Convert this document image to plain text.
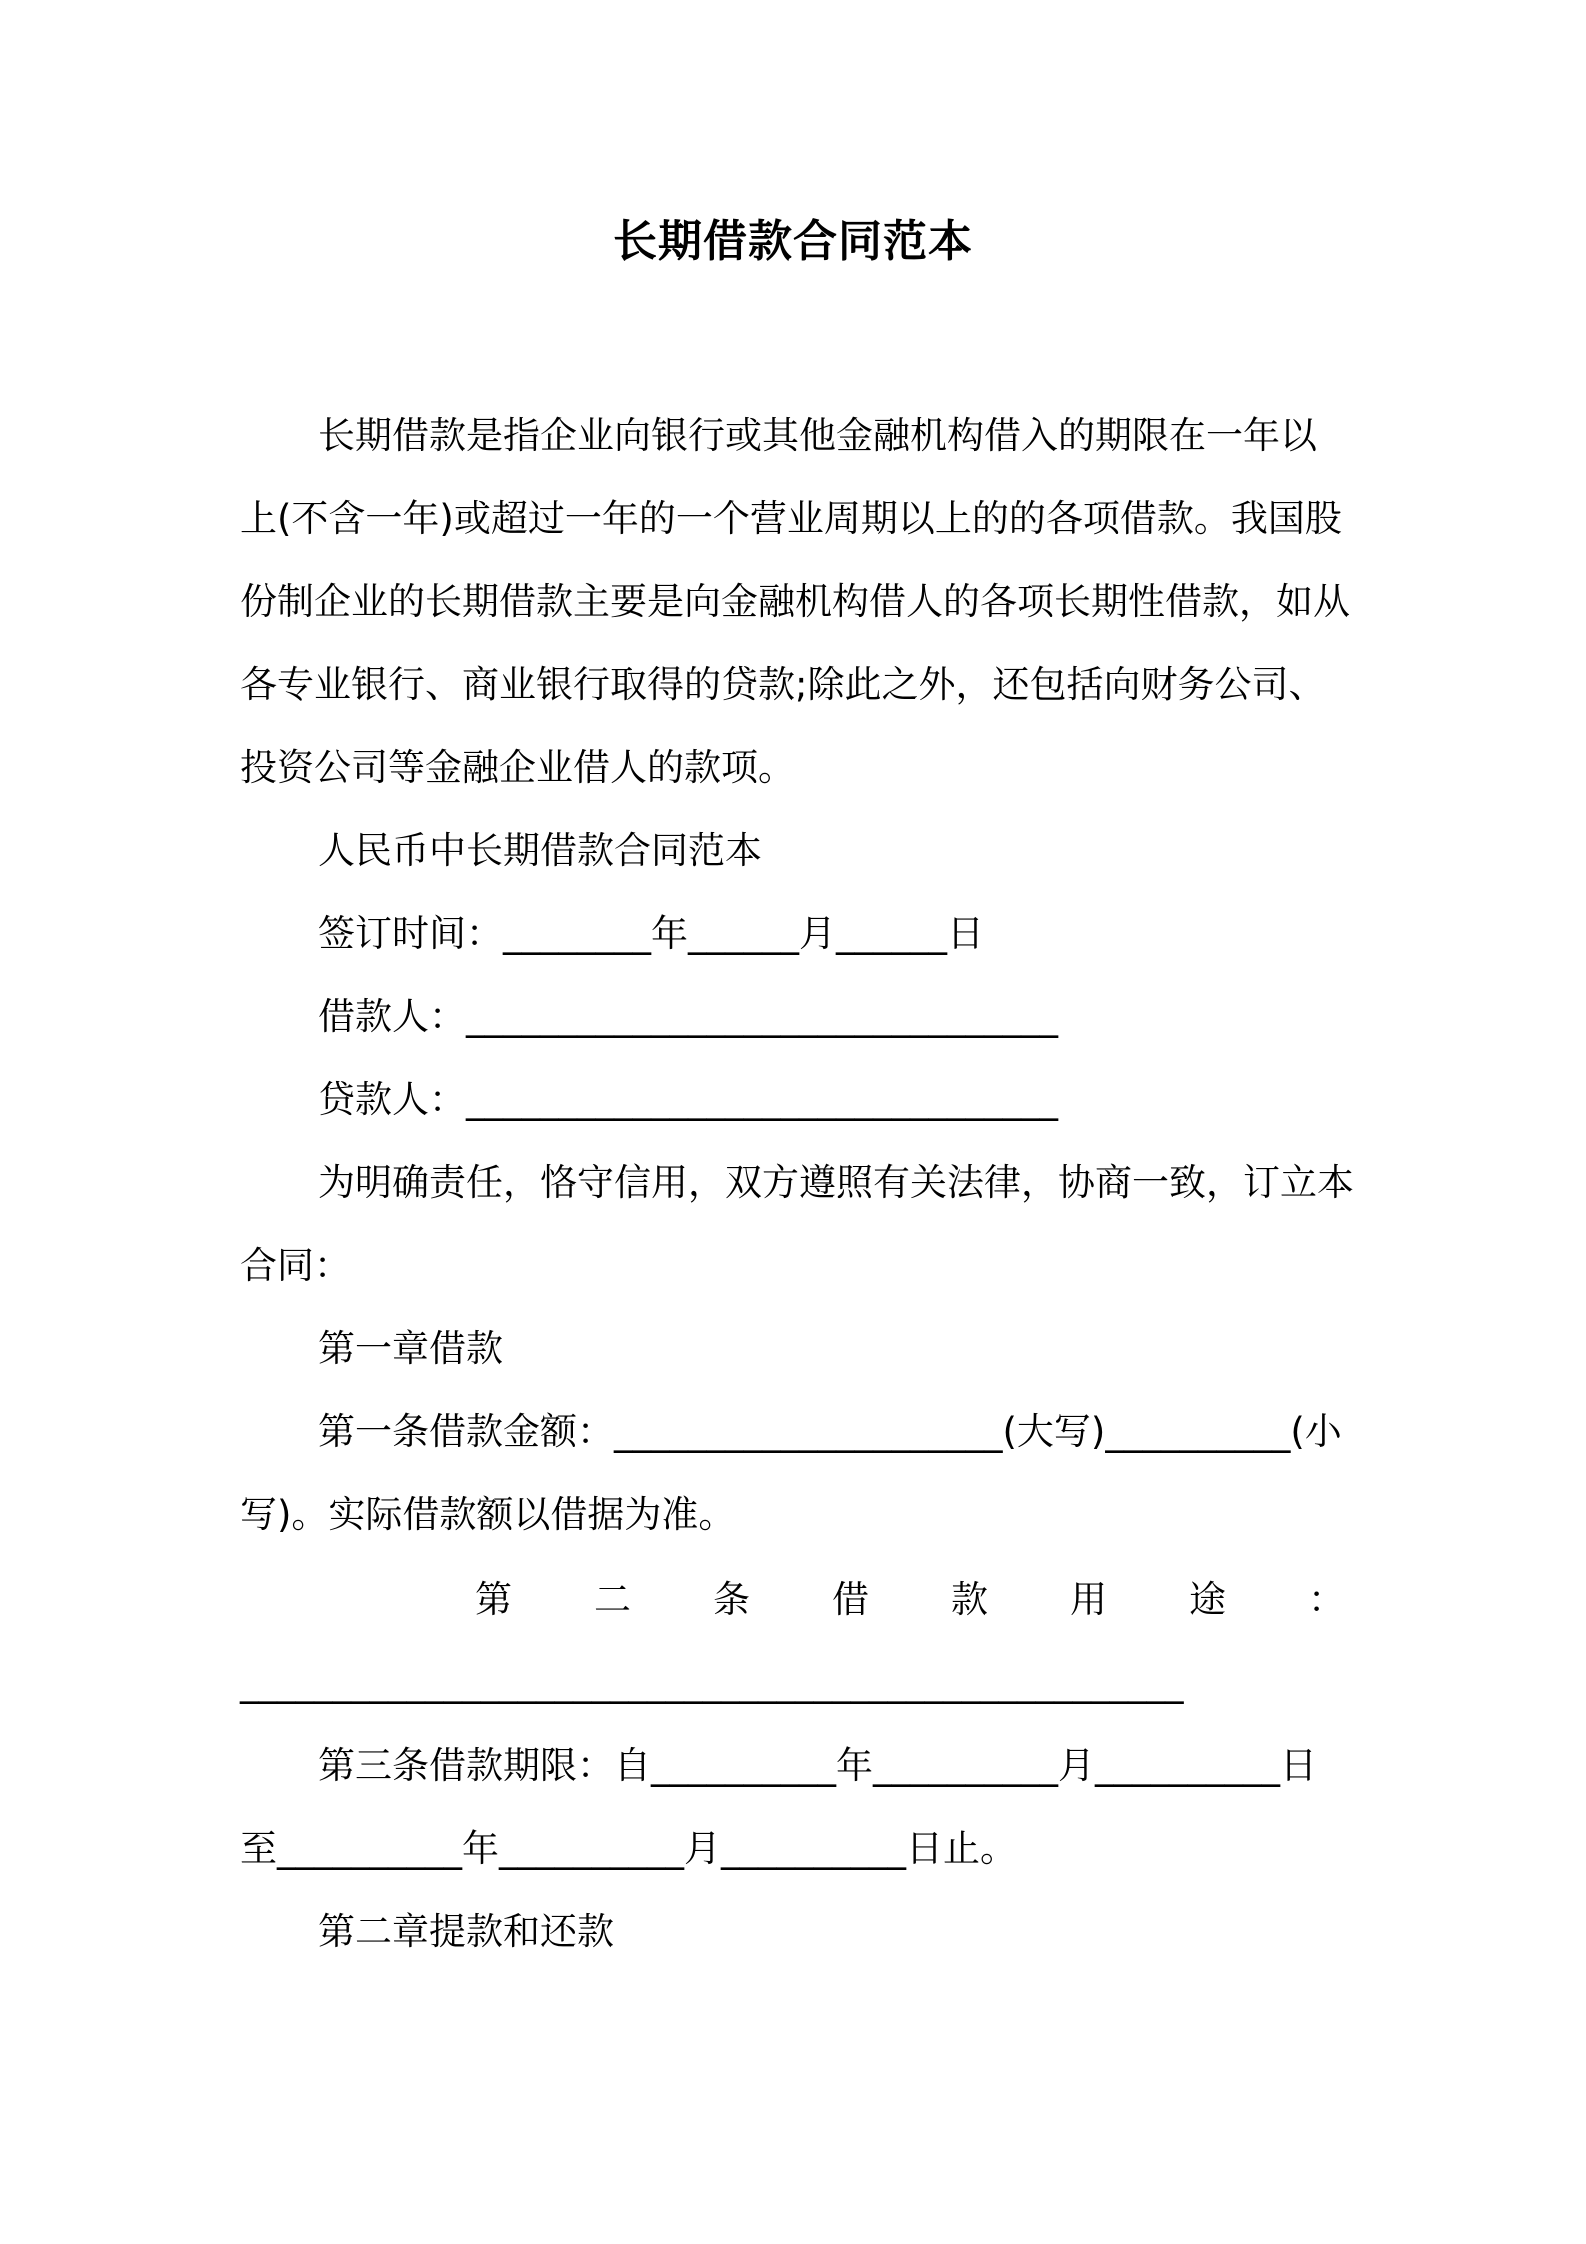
长期借款合同范本
长期借款是指企业向银行或其他金融机构借入的期限在一年以
上(不含一年)或超过一年的一个营业周期以上的的各项借款。我国股
份制企业的长期借款主要是向金融机构借人的各项长期性借款，如从
各专业银行、商业银行取得的贷款;除此之外，还包括向财务公司、
投资公司等金融企业借人的款项。
人民币中长期借款合同范本
签订时间：________年______月______日
借款人：________________________________
贷款人：________________________________
为明确责任，恪守信用，双方遵照有关法律，协商一致，订立本
合同：
第一章借款
第一条借款金额：_____________________(大写)__________(小
写)。实际借款额以借据为准。
第 二 条 借 款 用 途 ：
___________________________________________________
第三条借款期限：自__________年__________月__________日
至__________年__________月__________日止。
第二章提款和还款
